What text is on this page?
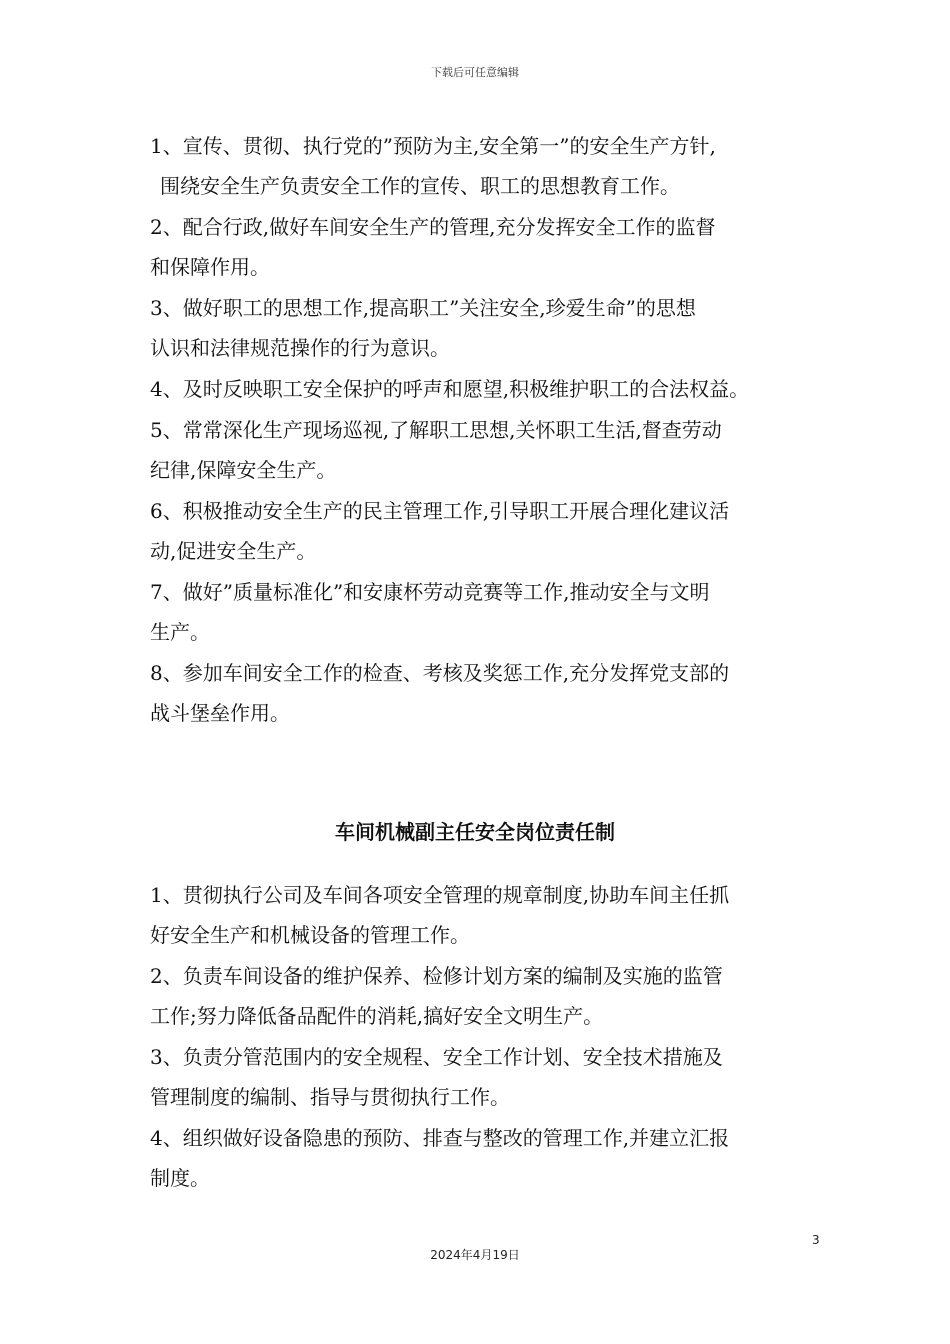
下载后可任意编辑
1、宣传、贯彻、执行党的”预防为主,安全第一”的安全生产方针,
围绕安全生产负责安全工作的宣传、职工的思想教育工作。
2、配合行政,做好车间安全生产的管理,充分发挥安全工作的监督
和保障作用。
3、做好职工的思想工作,提高职工”关注安全,珍爱生命”的思想
认识和法律规范操作的行为意识。
4、及时反映职工安全保护的呼声和愿望,积极维护职工的合法权益。
5、常常深化生产现场巡视,了解职工思想,关怀职工生活,督查劳动
纪律,保障安全生产。
6、积极推动安全生产的民主管理工作,引导职工开展合理化建议活
动,促进安全生产。
7、做好”质量标准化”和安康杯劳动竞赛等工作,推动安全与文明
生产。
8、参加车间安全工作的检查、考核及奖惩工作,充分发挥党支部的
战斗堡垒作用。
车间机械副主任安全岗位责任制
1、贯彻执行公司及车间各项安全管理的规章制度,协助车间主任抓
好安全生产和机械设备的管理工作。
2、负责车间设备的维护保养、检修计划方案的编制及实施的监管
工作;努力降低备品配件的消耗,搞好安全文明生产。
3、负责分管范围内的安全规程、安全工作计划、安全技术措施及
管理制度的编制、指导与贯彻执行工作。
4、组织做好设备隐患的预防、排查与整改的管理工作,并建立汇报
制度。
3
2024年4月19日
